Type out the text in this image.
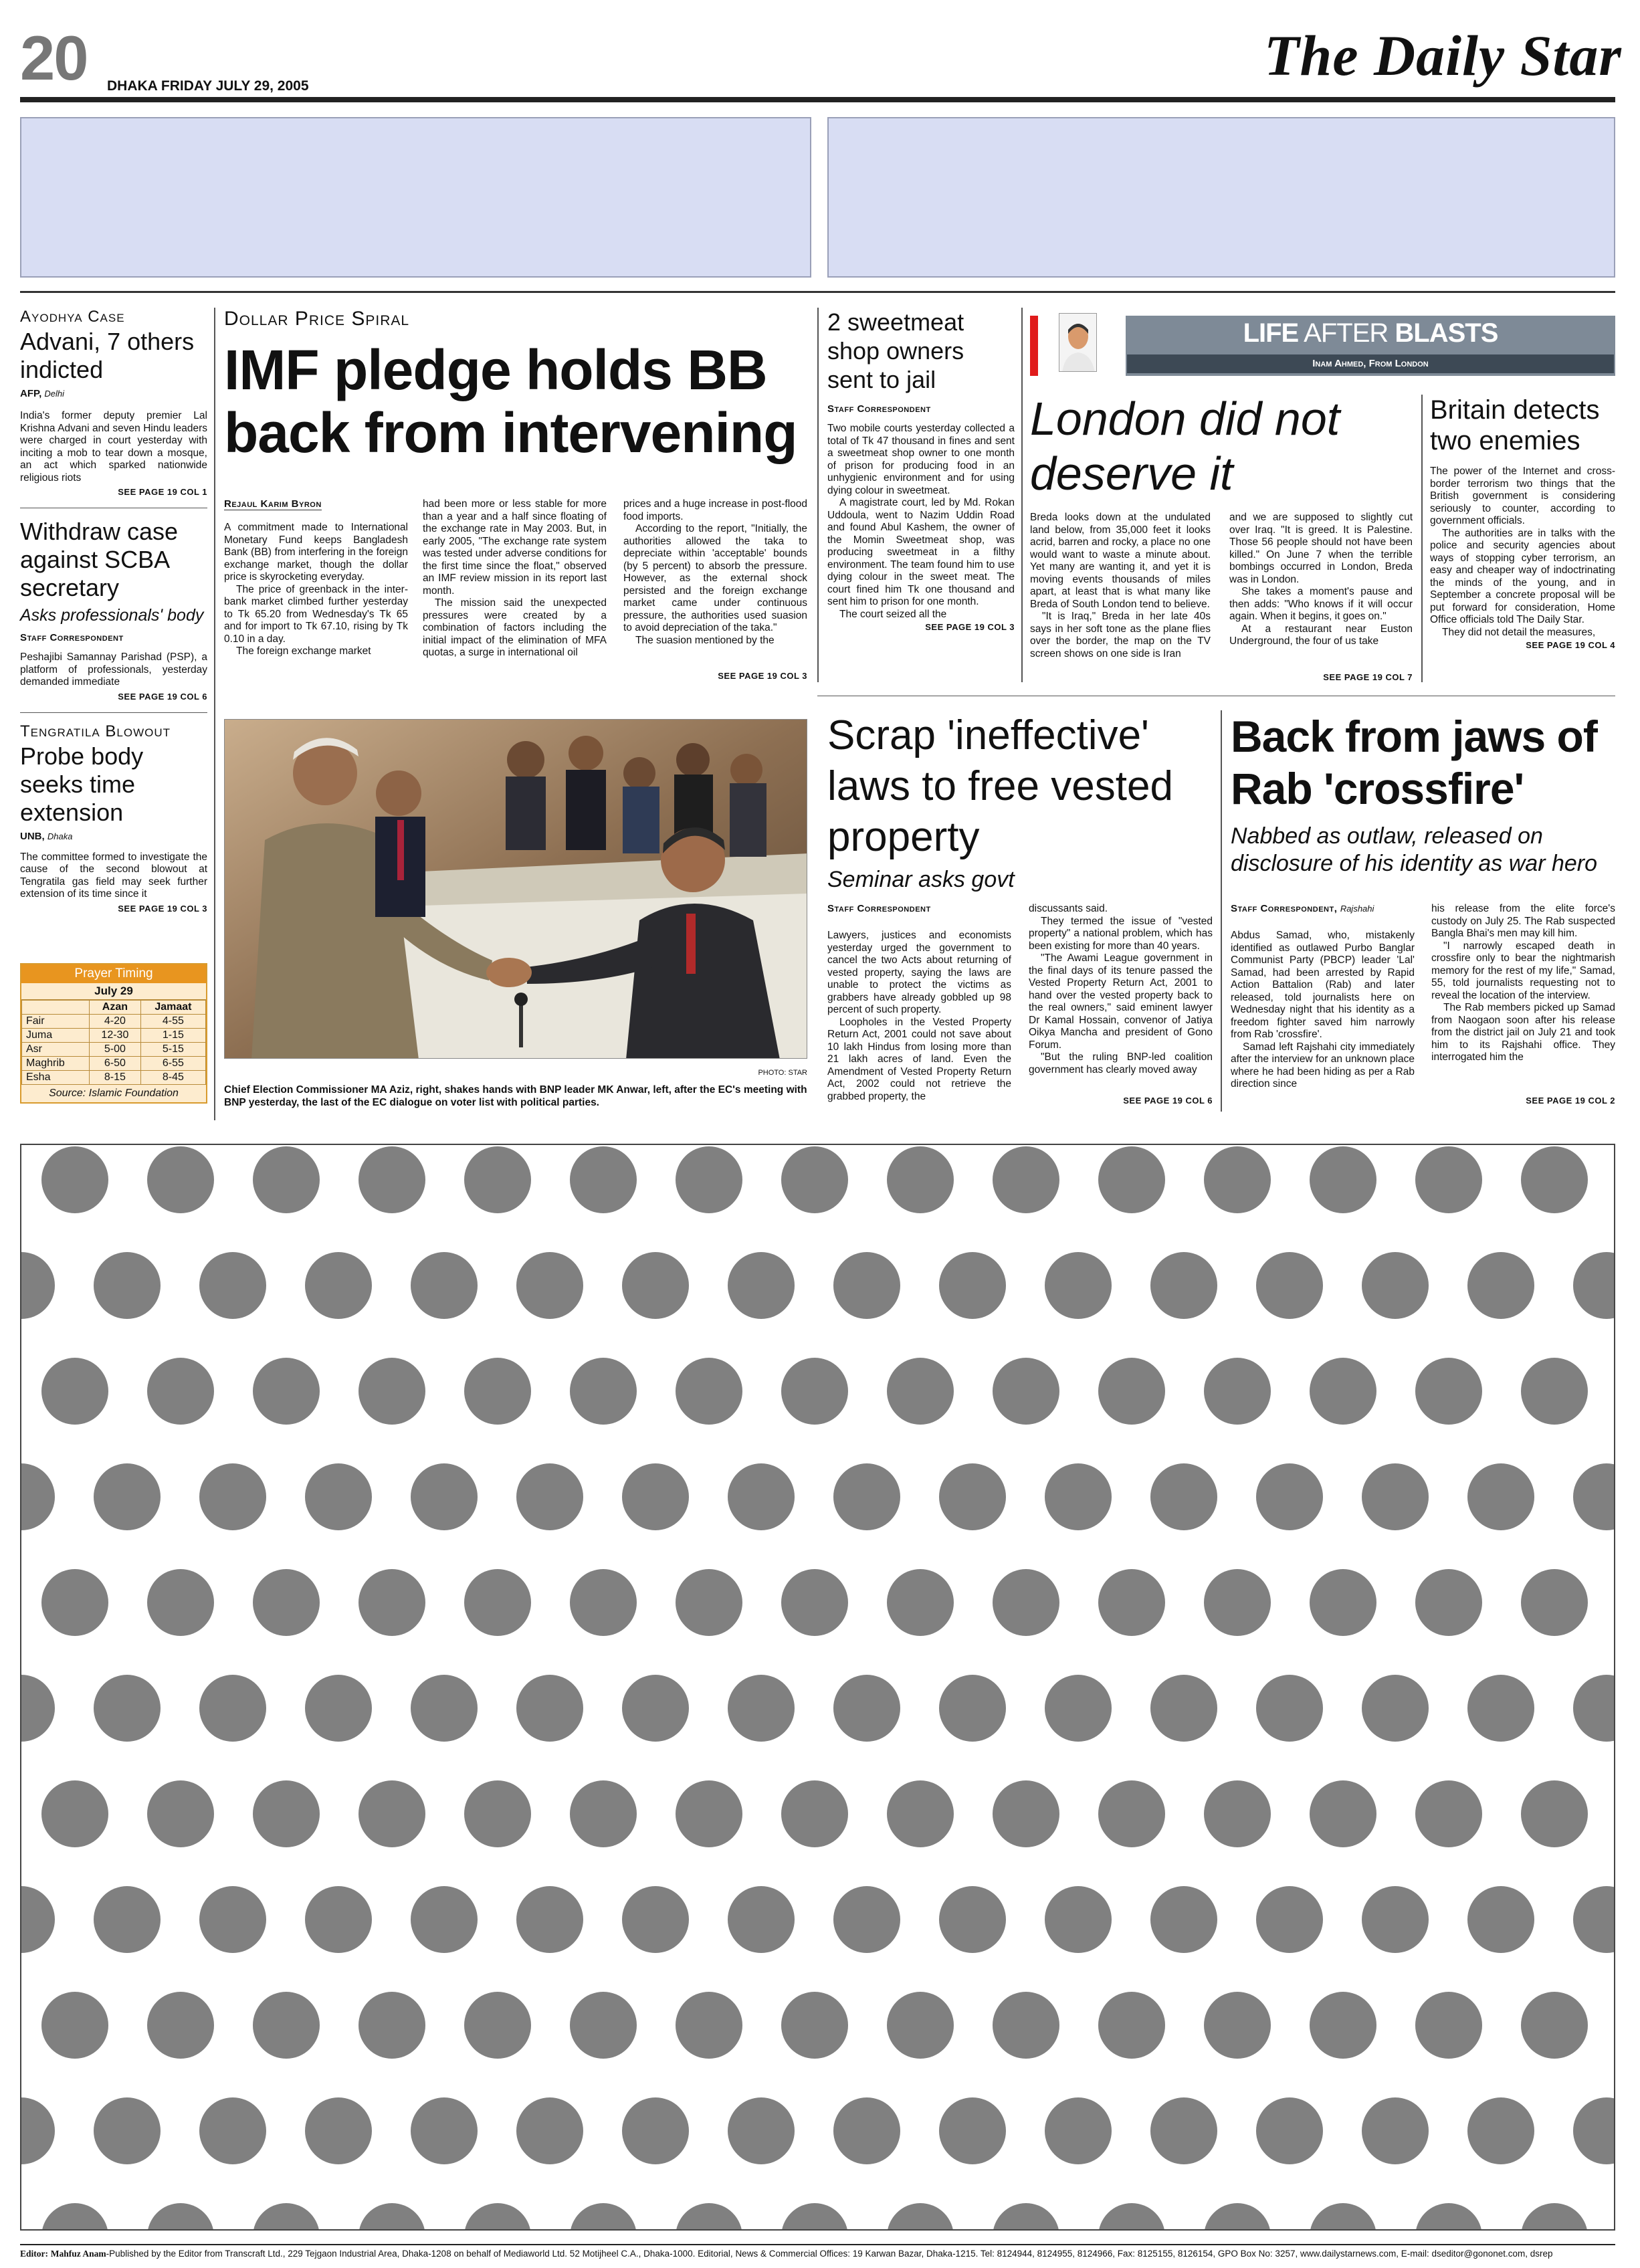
20 DHAKA FRIDAY JULY 29, 2005	The Daily Star
Ayodhya Case
Advani, 7 others indicted
AFP, Delhi
India's former deputy premier Lal Krishna Advani and seven Hindu leaders were charged in court yesterday with inciting a mob to tear down a mosque, an act which sparked nationwide religious riots
SEE PAGE 19 COL 1
Withdraw case against SCBA secretary
Asks professionals' body
Staff Correspondent
Peshajibi Samannay Parishad (PSP), a platform of professionals, yesterday demanded immediate
SEE PAGE 19 COL 6
Tengratila Blowout
Probe body seeks time extension
UNB, Dhaka
The committee formed to investigate the cause of the second blowout at Tengratila gas field may seek further extension of its time since it
SEE PAGE 19 COL 3
Prayer Timing
July 29
	Azan	Jamaat
Fair	4-20	4-55
Juma	12-30	1-15
Asr	5-00	5-15
Maghrib	6-50	6-55
Esha	8-15	8-45
Source: Islamic Foundation
Dollar Price Spiral
IMF pledge holds BB back from intervening
Rejaul Karim Byron

A commitment made to International Monetary Fund keeps Bangladesh Bank (BB) from interfering in the foreign exchange market, though the dollar price is skyrocketing everyday.

The price of greenback in the inter-bank market climbed further yesterday to Tk 65.20 from Wednesday's Tk 65 and for import to Tk 67.10, rising by Tk 0.10 in a day.

The foreign exchange market

had been more or less stable for more than a year and a half since floating of the exchange rate in May 2003. But, in early 2005, "The exchange rate system was tested under adverse conditions for the first time since the float," observed an IMF review mission in its report last month.

The mission said the unexpected pressures were created by a combination of factors including the initial impact of the elimination of MFA quotas, a surge in international oil

prices and a huge increase in post-flood food imports.

According to the report, "Initially, the authorities allowed the taka to depreciate within 'acceptable' bounds (by 5 percent) to absorb the pressure. However, as the external shock persisted and the foreign exchange market came under continuous pressure, the authorities used suasion to avoid depreciation of the taka."

The suasion mentioned by the

SEE PAGE 19 COL 3
2 sweetmeat shop owners sent to jail
Staff Correspondent

Two mobile courts yesterday collected a total of Tk 47 thousand in fines and sent a sweetmeat shop owner to one month of prison for producing food in an unhygienic environment and for using dying colour in sweetmeat.

A magistrate court, led by Md. Rokan Uddoula, went to Nazim Uddin Road and found Abul Kashem, the owner of the Momin Sweetmeat shop, was producing sweetmeat in a filthy environment. The team found him to use dying colour in the sweet meat. The court fined him Tk one thousand and sent him to prison for one month.

The court seized all the

SEE PAGE 19 COL 3
LIFE AFTER BLASTS
Inam Ahmed, From London
London did not deserve it

Breda looks down at the undulated land below, from 35,000 feet it looks acrid, barren and rocky, a place no one would want to waste a minute about. Yet many are wanting it, and yet it is moving events thousands of miles apart, at least that is what many like Breda of South London tend to believe.

"It is Iraq," Breda in her late 40s says in her soft tone as the plane flies over the border, the map on the TV screen shows on one side is Iran

and we are supposed to slightly cut over Iraq. "It is greed. It is Palestine. Those 56 people should not have been killed." On June 7 when the terrible bombings occurred in London, Breda was in London.

She takes a moment's pause and then adds: "Who knows if it will occur again. When it begins, it goes on."

At a restaurant near Euston Underground, the four of us take

SEE PAGE 19 COL 7
Britain detects two enemies

The power of the Internet and cross-border terrorism two things that the British government is considering seriously to counter, according to government officials.

The authorities are in talks with the police and security agencies about ways of stopping cyber terrorism, an easy and cheaper way of indoctrinating the minds of the young, and in September a concrete proposal will be put forward for consideration, Home Office officials told The Daily Star.

They did not detail the measures,

SEE PAGE 19 COL 4
PHOTO: STAR
Chief Election Commissioner MA Aziz, right, shakes hands with BNP leader MK Anwar, left, after the EC's meeting with BNP yesterday, the last of the EC dialogue on voter list with political parties.
Scrap 'ineffective' laws to free vested property
Seminar asks govt
Staff Correspondent

Lawyers, justices and economists yesterday urged the government to cancel the two Acts about returning of vested property, saying the laws are unable to protect the victims as grabbers have already gobbled up 98 percent of such property.

Loopholes in the Vested Property Return Act, 2001 could not save about 10 lakh Hindus from losing more than 21 lakh acres of land. Even the Amendment of Vested Property Return Act, 2002 could not retrieve the grabbed property, the

discussants said.

They termed the issue of "vested property" a national problem, which has been existing for more than 40 years.

"The Awami League government in the final days of its tenure passed the Vested Property Return Act, 2001 to hand over the vested property back to the real owners," said eminent lawyer Dr Kamal Hossain, convenor of Jatiya Oikya Mancha and president of Gono Forum.

"But the ruling BNP-led coalition government has clearly moved away

SEE PAGE 19 COL 6
Back from jaws of Rab 'crossfire'
Nabbed as outlaw, released on disclosure of his identity as war hero
Staff Correspondent, Rajshahi

Abdus Samad, who, mistakenly identified as outlawed Purbo Banglar Communist Party (PBCP) leader 'Lal' Samad, had been arrested by Rapid Action Battalion (Rab) and later released, told journalists here on Wednesday night that his identity as a freedom fighter saved him narrowly from Rab 'crossfire'.

Samad left Rajshahi city immediately after the interview for an unknown place where he had been hiding as per a Rab direction since

his release from the elite force's custody on July 25. The Rab suspected Bangla Bhai's men may kill him.

"I narrowly escaped death in crossfire only to bear the nightmarish memory for the rest of my life," Samad, 55, told journalists requesting not to reveal the location of the interview.

The Rab members picked up Samad from Naogaon soon after his release from the district jail on July 21 and took him to its Rajshahi office. They interrogated him the

SEE PAGE 19 COL 2
Editor: Mahfuz Anam-Published by the Editor from Transcraft Ltd., 229 Tejgaon Industrial Area, Dhaka-1208 on behalf of Mediaworld Ltd. 52 Motijheel C.A., Dhaka-1000. Editorial, News & Commercial Offices: 19 Karwan Bazar, Dhaka-1215. Tel: 8124944, 8124955, 8124966, Fax: 8125155, 8126154, GPO Box No: 3257, www.dailystarnews.com, E-mail: dseditor@gononet.com, dsrep
